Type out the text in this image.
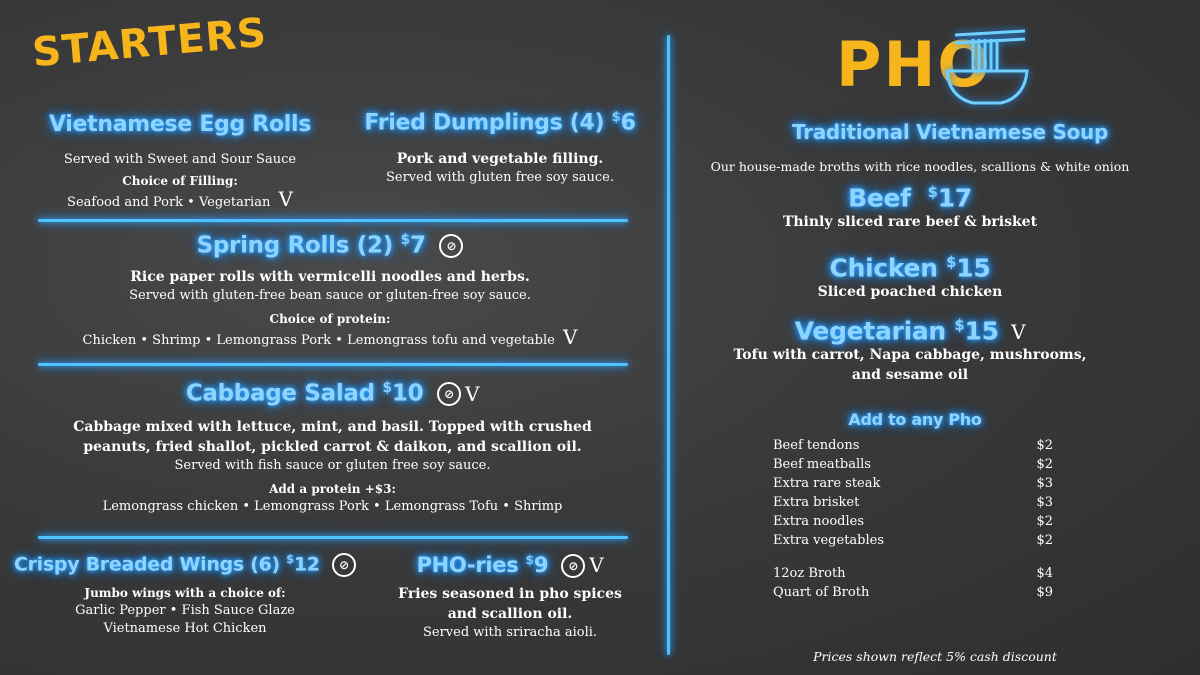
STARTERS
Vietnamese Egg Rolls
Served with Sweet and Sour Sauce
Choice of Filling:
Seafood and Pork • Vegetarian V
Fried Dumplings (4) $6
Pork and vegetable filling.
Served with gluten free soy sauce.
Spring Rolls (2) $7 ⊘
Rice paper rolls with vermicelli noodles and herbs.
Served with gluten-free bean sauce or gluten-free soy sauce.
Choice of protein:
Chicken • Shrimp • Lemongrass Pork • Lemongrass tofu and vegetable V
Cabbage Salad $10 ⊘ V
Cabbage mixed with lettuce, mint, and basil. Topped with crushed
peanuts, fried shallot, pickled carrot & daikon, and scallion oil.
Served with fish sauce or gluten free soy sauce.
Add a protein +$3:
Lemongrass chicken • Lemongrass Pork • Lemongrass Tofu • Shrimp
Crispy Breaded Wings (6) $12 ⊘
Jumbo wings with a choice of:
Garlic Pepper • Fish Sauce Glaze
Vietnamese Hot Chicken
PHO-ries $9 ⊘ V
Fries seasoned in pho spices
and scallion oil.
Served with sriracha aioli.
PHO
Traditional Vietnamese Soup
Our house-made broths with rice noodles, scallions & white onion
Beef $17
Thinly sliced rare beef & brisket
Chicken $15
Sliced poached chicken
Vegetarian $15 V
Tofu with carrot, Napa cabbage, mushrooms,
and sesame oil
Add to any Pho
Beef tendons	$2
Beef meatballs	$2
Extra rare steak	$3
Extra brisket	$3
Extra noodles	$2
Extra vegetables	$2
12oz Broth	$4
Quart of Broth	$9
Prices shown reflect 5% cash discount
